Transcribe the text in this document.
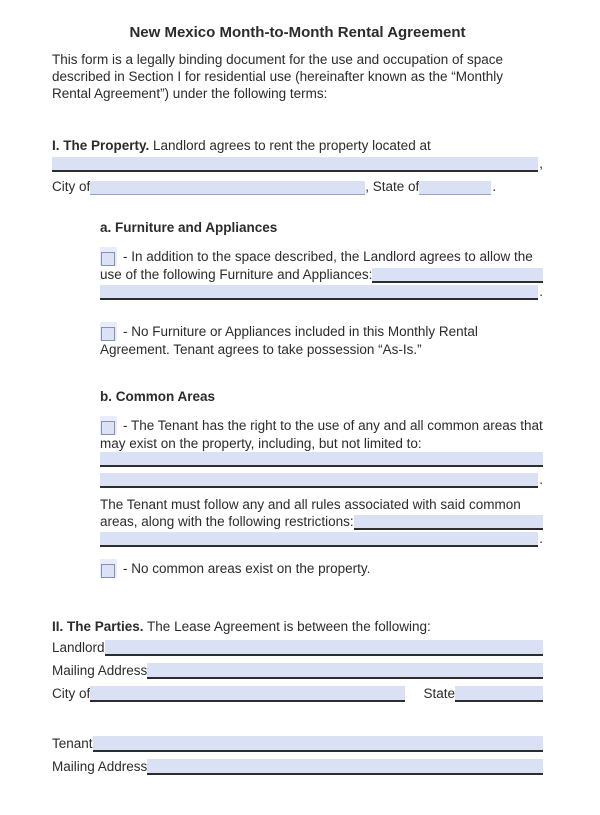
New Mexico Month-to-Month Rental Agreement
This form is a legally binding document for the use and occupation of space
described in Section I for residential use (hereinafter known as the “Monthly
Rental Agreement”) under the following terms:
I. The Property. Landlord agrees to rent the property located at
,
City of	, State of	.
a. Furniture and Appliances
- In addition to the space described, the Landlord agrees to allow the
use of the following Furniture and Appliances:
.
- No Furniture or Appliances included in this Monthly Rental
Agreement. Tenant agrees to take possession “As-Is.”
b. Common Areas
- The Tenant has the right to the use of any and all common areas that
may exist on the property, including, but not limited to:
.
The Tenant must follow any and all rules associated with said common
areas, along with the following restrictions:
.
- No common areas exist on the property.
II. The Parties. The Lease Agreement is between the following:
Landlord
Mailing Address
City of	State
Tenant
Mailing Address
